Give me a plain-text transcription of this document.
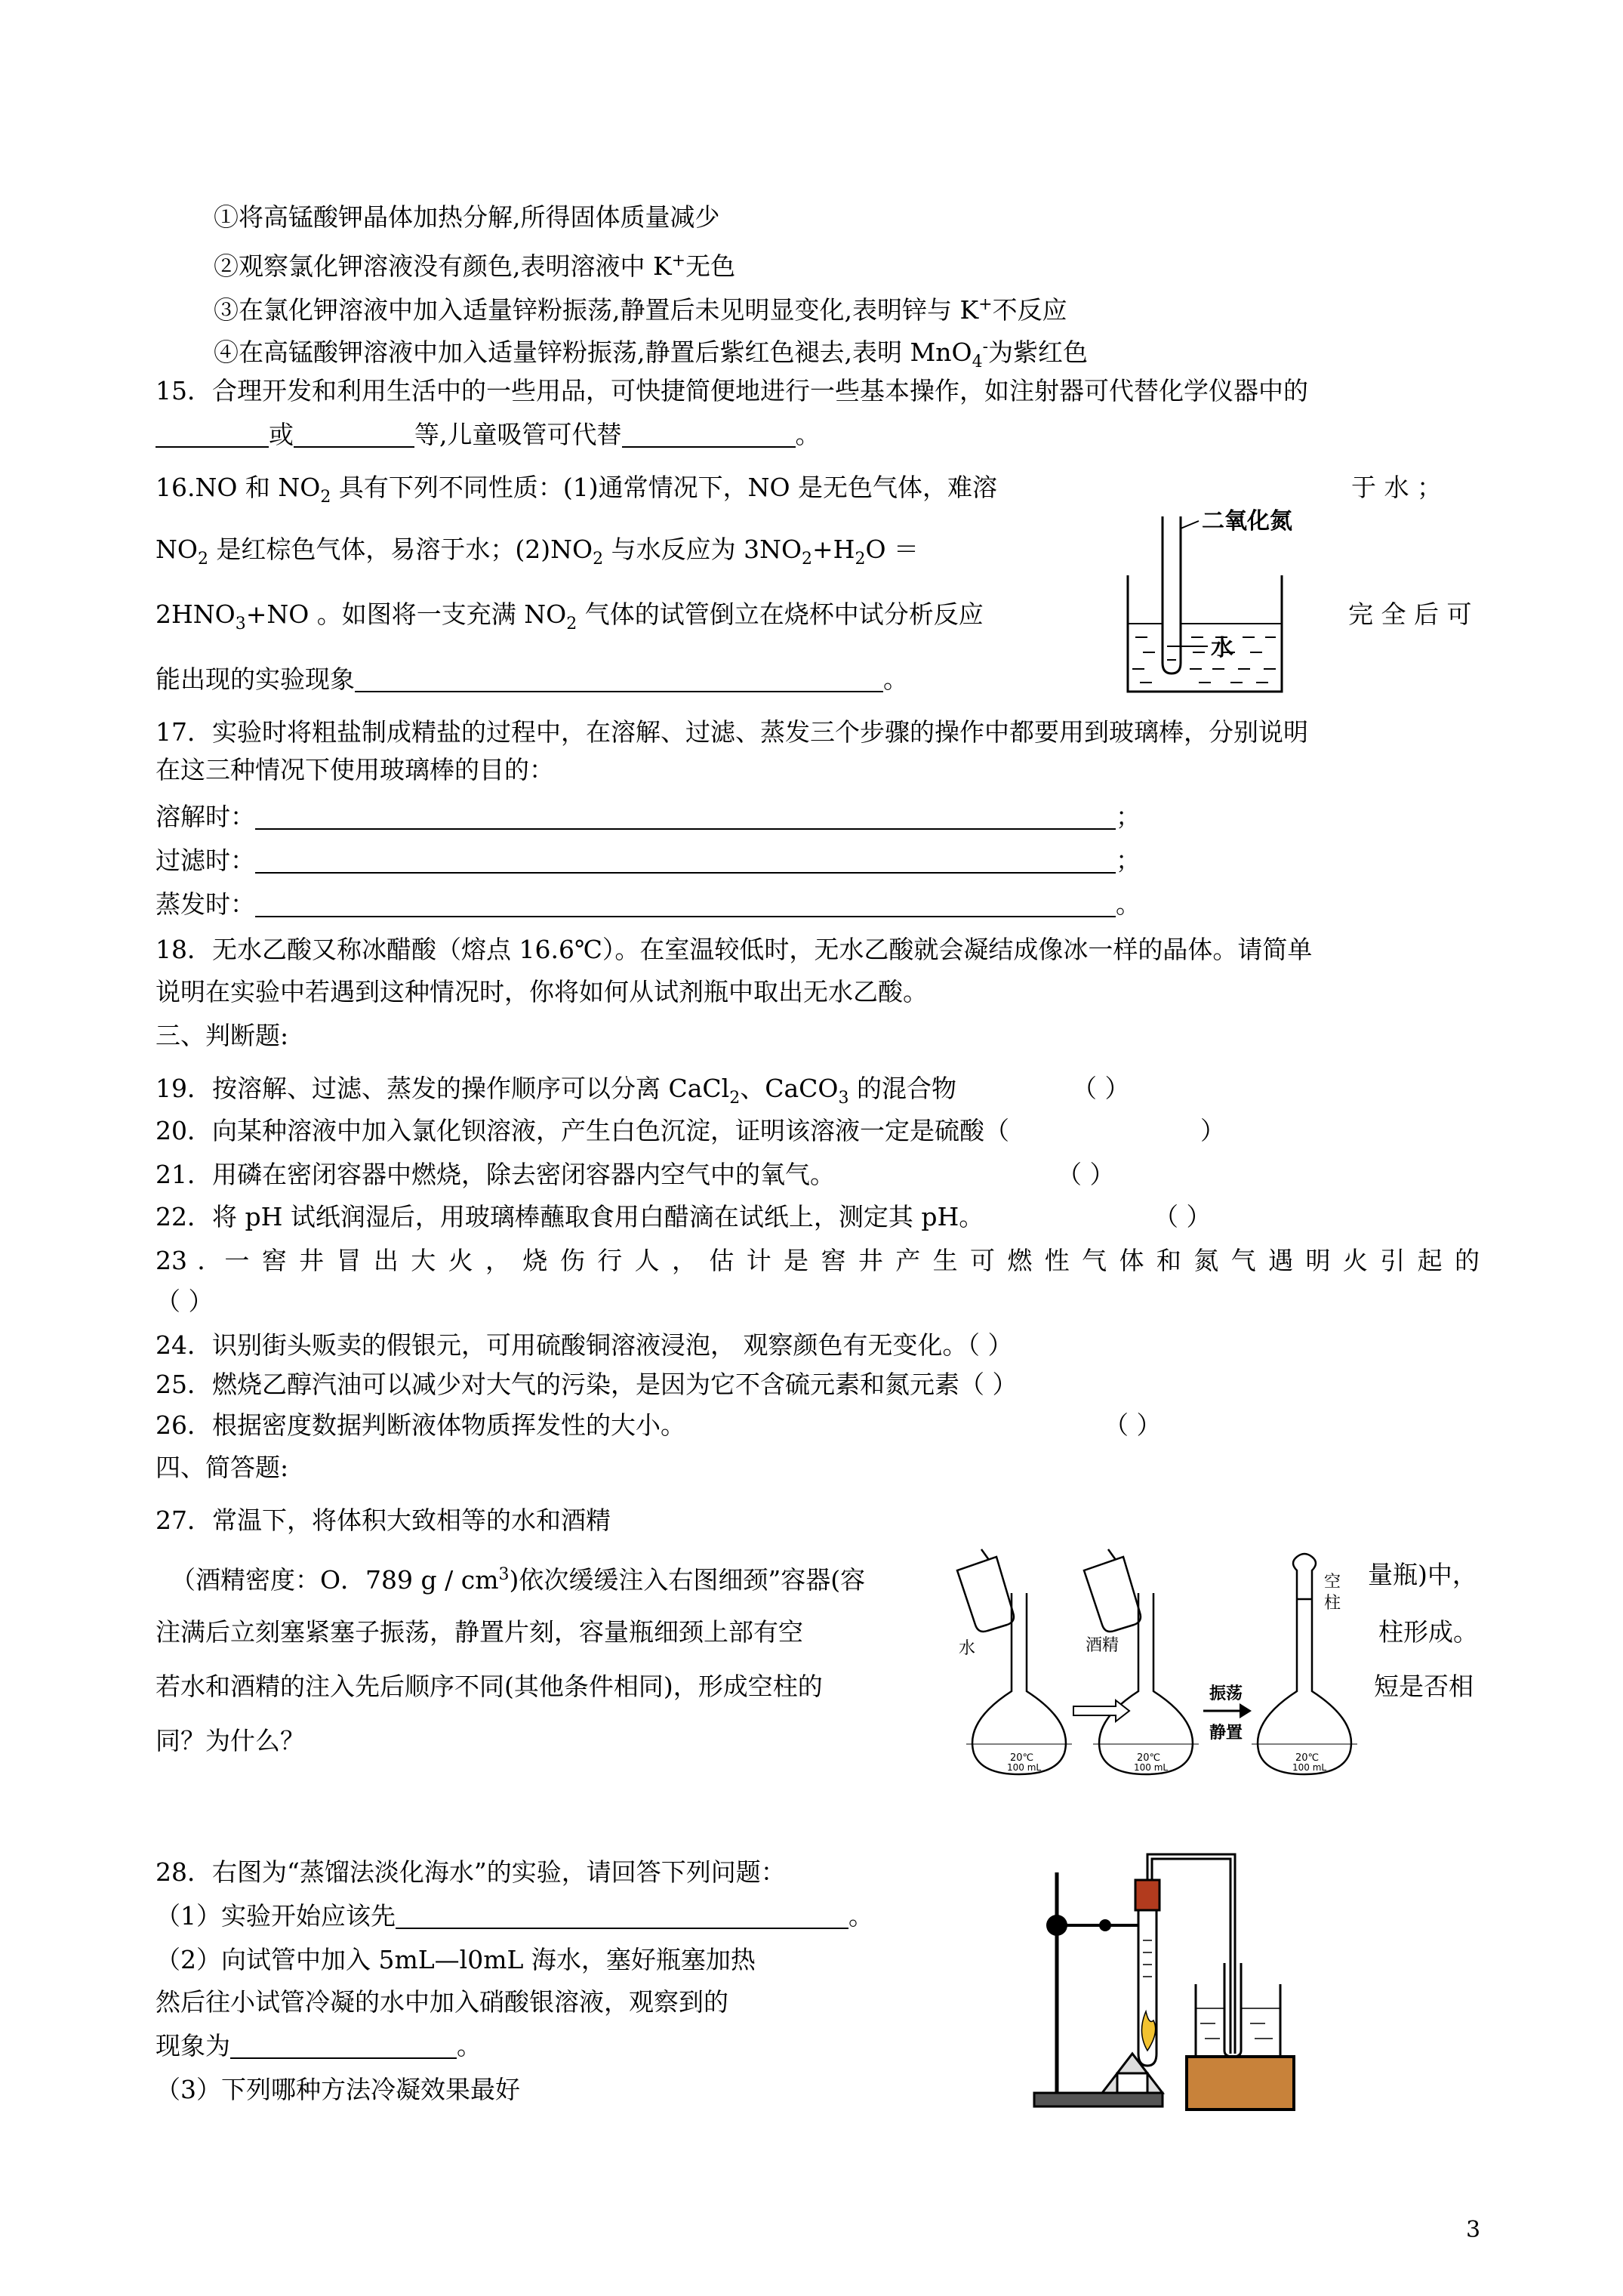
①将高锰酸钾晶体加热分解,所得固体质量减少
②观察氯化钾溶液没有颜色,表明溶液中 K+无色
③在氯化钾溶液中加入适量锌粉振荡,静置后未见明显变化,表明锌与 K+不反应
④在高锰酸钾溶液中加入适量锌粉振荡,静置后紫红色褪去,表明 MnO$_4$-为紫红色
15．合理开发和利用生活中的一些用品，可快捷简便地进行一些基本操作，如注射器可代替化学仪器中的
或	等,儿童吸管可代替	。
16.NO 和 $NO_2$ 具有下列不同性质：(1)通常情况下，NO 是无色气体，难溶	于 水 ；
$NO_2$ 是红棕色气体，易溶于水；$(2)NO_2$ 与水反应为 $3NO_2+H_2O$ ＝
$2HNO_3+NO$ 。如图将一支充满 $NO_2$ 气体的试管倒立在烧杯中试分析反应	完 全 后 可
能出现的实验现象	。
二氧化氮
水
17．实验时将粗盐制成精盐的过程中，在溶解、过滤、蒸发三个步骤的操作中都要用到玻璃棒，分别说明
在这三种情况下使用玻璃棒的目的：
溶解时：	；
过滤时：	；
蒸发时：	。
18．无水乙酸又称冰醋酸（熔点 16.6℃）。在室温较低时，无水乙酸就会凝结成像冰一样的晶体。请简单
说明在实验中若遇到这种情况时，你将如何从试剂瓶中取出无水乙酸。
三、判断题:
19．按溶解、过滤、蒸发的操作顺序可以分离 CaCl$_2$、CaCO$_3$ 的混合物	（ ）
20．向某种溶液中加入氯化钡溶液，产生白色沉淀，证明该溶液一定是硫酸（	）
21．用磷在密闭容器中燃烧，除去密闭容器内空气中的氧气。	（ ）
22．将 pH 试纸润湿后，用玻璃棒蘸取食用白醋滴在试纸上，测定其 pH。	（ ）
23 ．一 窖 井 冒 出 大 火 ， 烧 伤 行 人 ， 估 计 是 窖 井 产 生 可 燃 性 气 体 和 氮 气 遇 明 火 引 起 的
（ ）
24．识别街头贩卖的假银元，可用硫酸铜溶液浸泡， 观察颜色有无变化。（ ）
25．燃烧乙醇汽油可以减少对大气的污染，是因为它不含硫元素和氮元素（ ）
26．根据密度数据判断液体物质挥发性的大小。	（ ）
四、简答题:
27．常温下，将体积大致相等的水和酒精
（酒精密度：O．789 g / $cm^3$)依次缓缓注入右图细颈”容器(容	量瓶)中，
注满后立刻塞紧塞子振荡，静置片刻，容量瓶细颈上部有空	柱形成。
若水和酒精的注入先后顺序不同(其他条件相同)，形成空柱的	短是否相
同？为什么？
水	酒精
振荡
静置
空
柱
20℃
100 mL
20℃
100 mL
20℃
100 mL
28．右图为“蒸馏法淡化海水”的实验，请回答下列问题：
（1）实验开始应该先	。
（2）向试管中加入 5mL—l0mL 海水，塞好瓶塞加热
然后往小试管冷凝的水中加入硝酸银溶液，观察到的
现象为	。
（3）下列哪种方法冷凝效果最好
3
